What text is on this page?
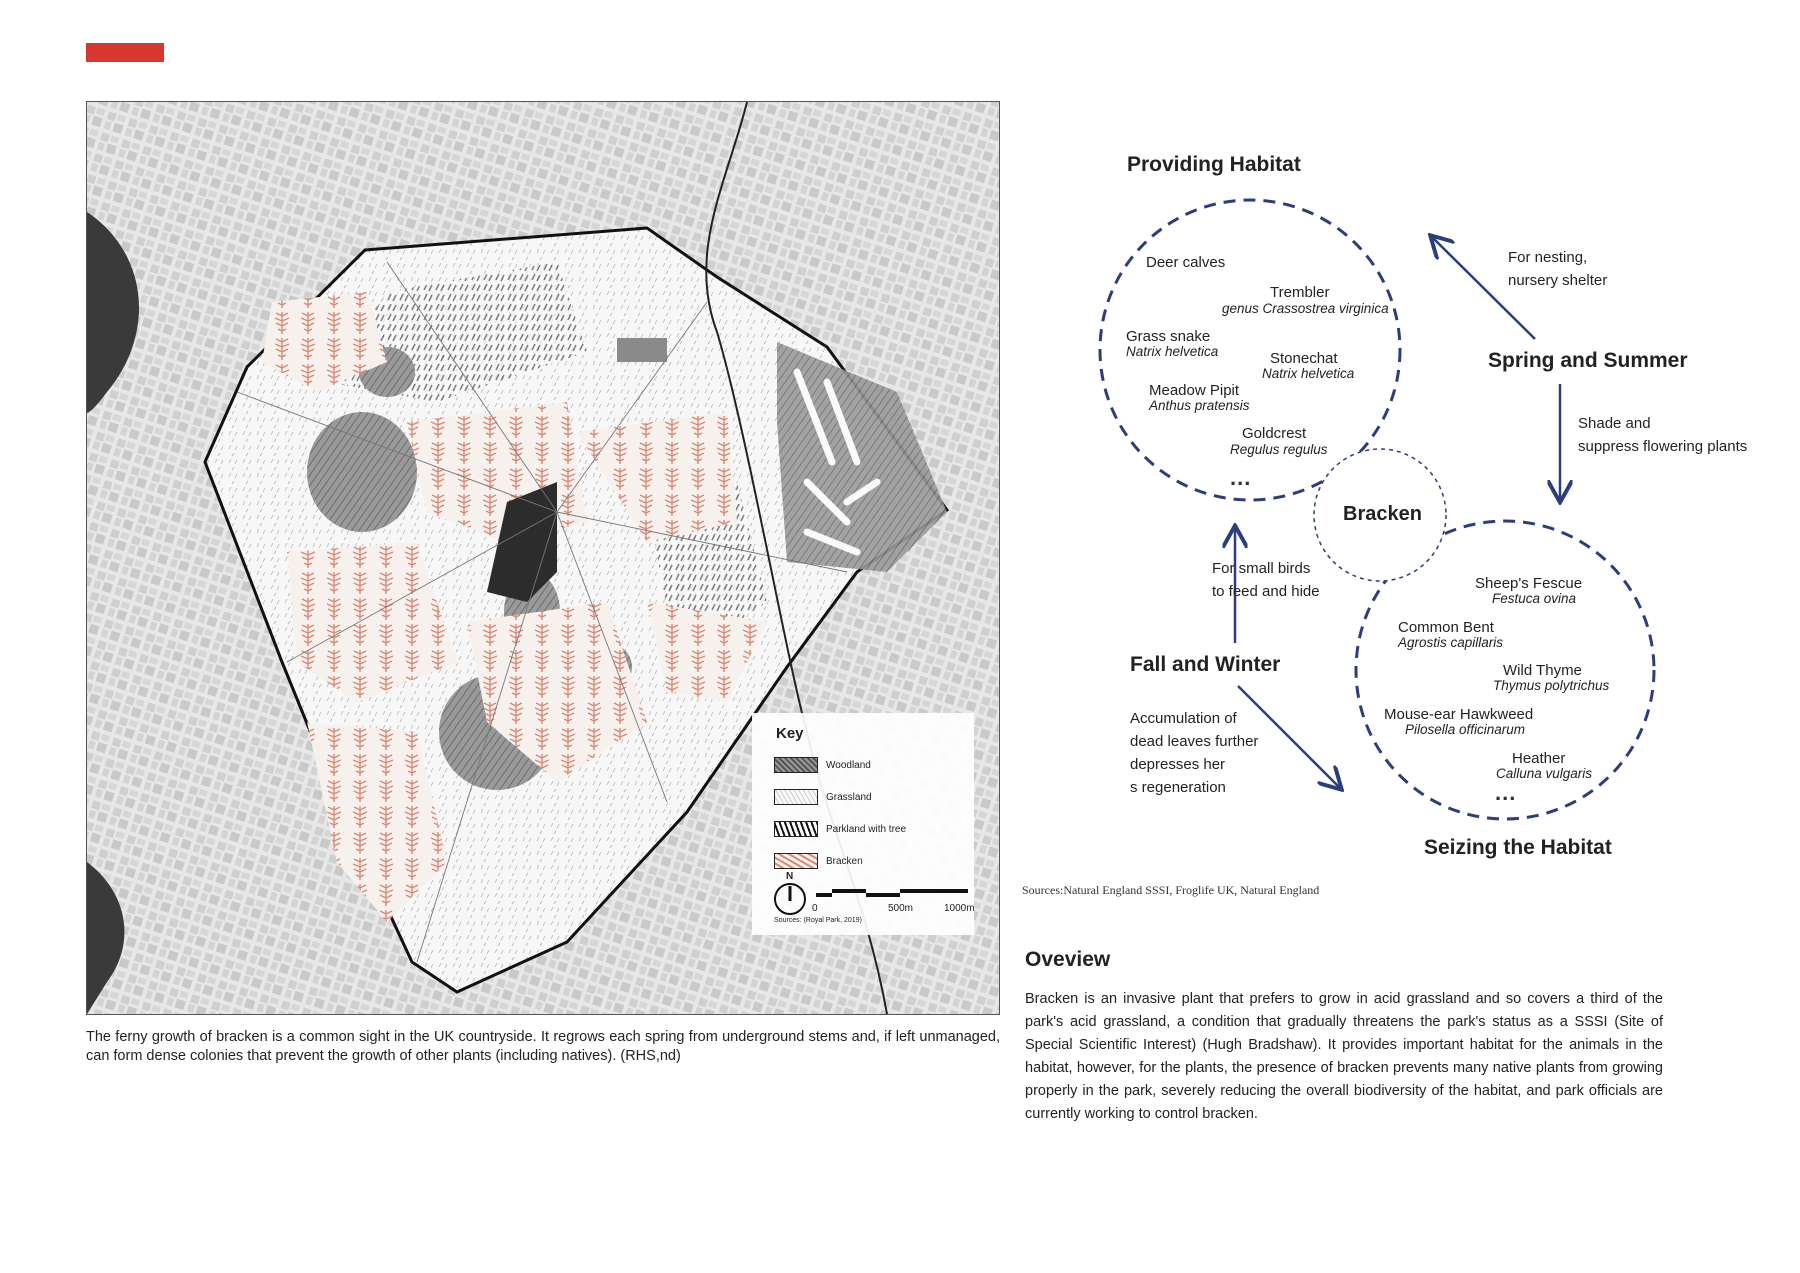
Key
Woodland
Grassland
Parkland with tree
Bracken
N
0	500m	1000m
Sources: (Royal Park, 2019)
The ferny growth of bracken is a common sight in the UK countryside. It regrows each spring from underground stems and, if left unmanaged, can form dense colonies that prevent the growth of other plants (including natives). (RHS,nd)
Providing Habitat
Deer calves
Trembler
genus Crassostrea virginica
Grass snake
Natrix helvetica	Stonechat
Natrix helvetica
Meadow Pipit
Anthus pratensis
Goldcrest
Regulus regulus
...
Bracken
For nesting,
nursery shelter
Spring and Summer
Shade and
suppress flowering plants
For small birds
to feed and hide
Fall and Winter
Accumulation of
dead leaves further
depresses her
s regeneration
Sheep's Fescue
Festuca ovina
Common Bent
Agrostis capillaris
Wild Thyme
Thymus polytrichus
Mouse-ear Hawkweed
Pilosella officinarum
Heather
Calluna vulgaris
...
Seizing the Habitat
Sources:Natural England SSSI, Froglife UK, Natural England
Oveview
Bracken is an invasive plant that prefers to grow in acid grassland and so covers a third of the park's acid grassland, a condition that gradually threatens the park's status as a SSSI (Site of Special Scientific Interest) (Hugh Bradshaw). It provides important habitat for the animals in the habitat, however, for the plants, the presence of bracken prevents many native plants from growing properly in the park, severely reducing the overall biodiversity of the habitat, and park officials are currently working to control bracken.
